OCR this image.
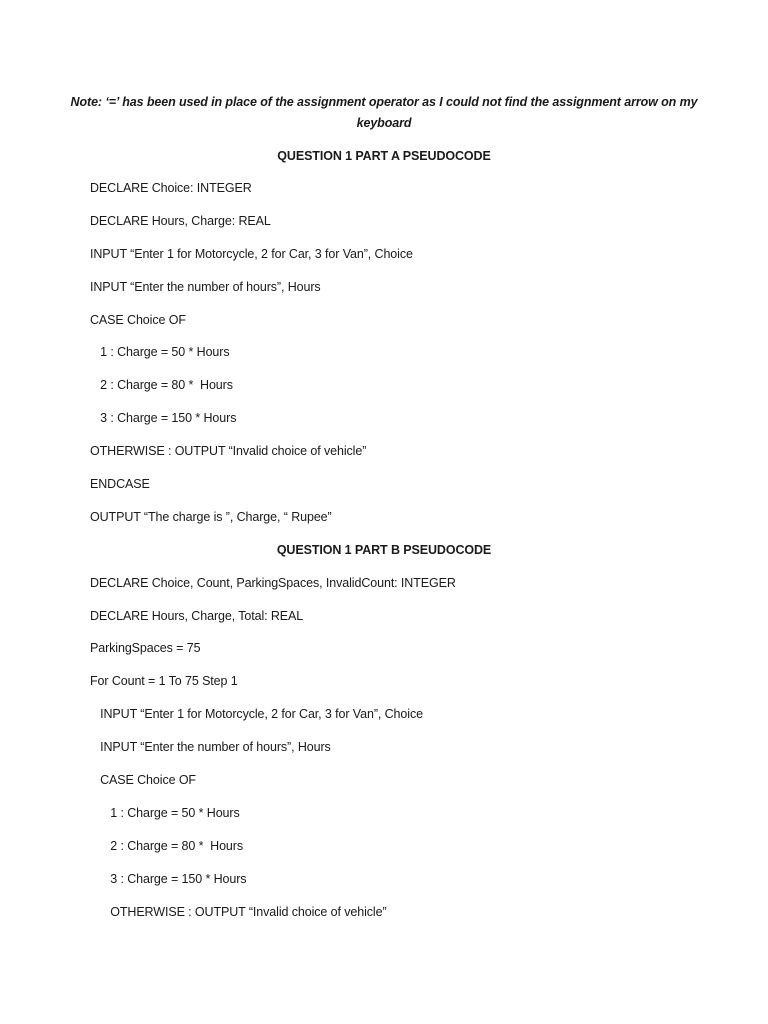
Note: ‘=’ has been used in place of the assignment operator as I could not find the assignment arrow on my keyboard
QUESTION 1 PART A PSEUDOCODE
DECLARE Choice: INTEGER
DECLARE Hours, Charge: REAL
INPUT “Enter 1 for Motorcycle, 2 for Car, 3 for Van”, Choice
INPUT “Enter the number of hours”, Hours
CASE Choice OF
1 : Charge = 50 * Hours
2 : Charge = 80 *  Hours
3 : Charge = 150 * Hours
OTHERWISE : OUTPUT “Invalid choice of vehicle”
ENDCASE
OUTPUT “The charge is ”, Charge, “ Rupee”
QUESTION 1 PART B PSEUDOCODE
DECLARE Choice, Count, ParkingSpaces, InvalidCount: INTEGER
DECLARE Hours, Charge, Total: REAL
ParkingSpaces = 75
For Count = 1 To 75 Step 1
INPUT “Enter 1 for Motorcycle, 2 for Car, 3 for Van”, Choice
INPUT “Enter the number of hours”, Hours
CASE Choice OF
1 : Charge = 50 * Hours
2 : Charge = 80 *  Hours
3 : Charge = 150 * Hours
OTHERWISE : OUTPUT “Invalid choice of vehicle”
